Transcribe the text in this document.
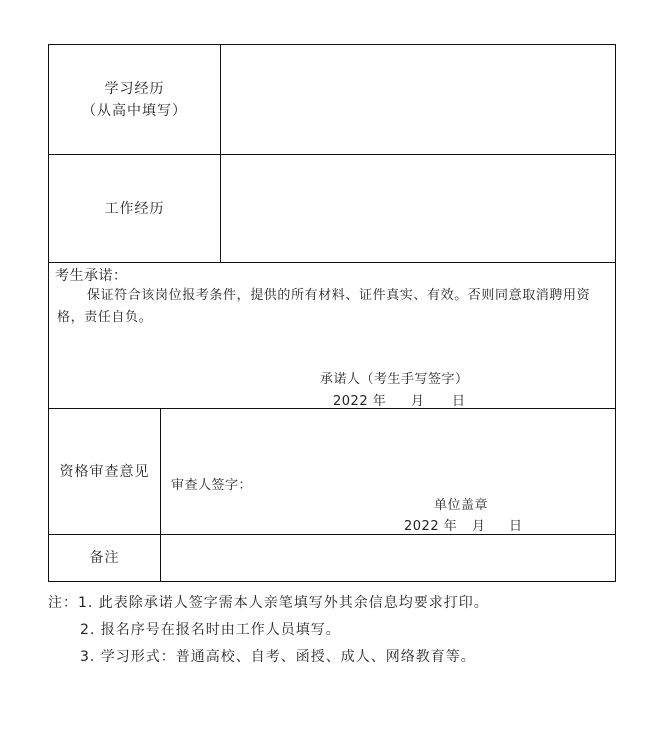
学习经历
（从高中填写）
工作经历
考生承诺：
保证符合该岗位报考条件，提供的所有材料、证件真实、有效。否则同意取消聘用资
格，责任自负。
承诺人（考生手写签字）
2022 年 月 日
资格审查意见
审查人签字：
单位盖章
2022 年 月 日
备注
注：1. 此表除承诺人签字需本人亲笔填写外其余信息均要求打印。
2. 报名序号在报名时由工作人员填写。
3. 学习形式：普通高校、自考、函授、成人、网络教育等。
